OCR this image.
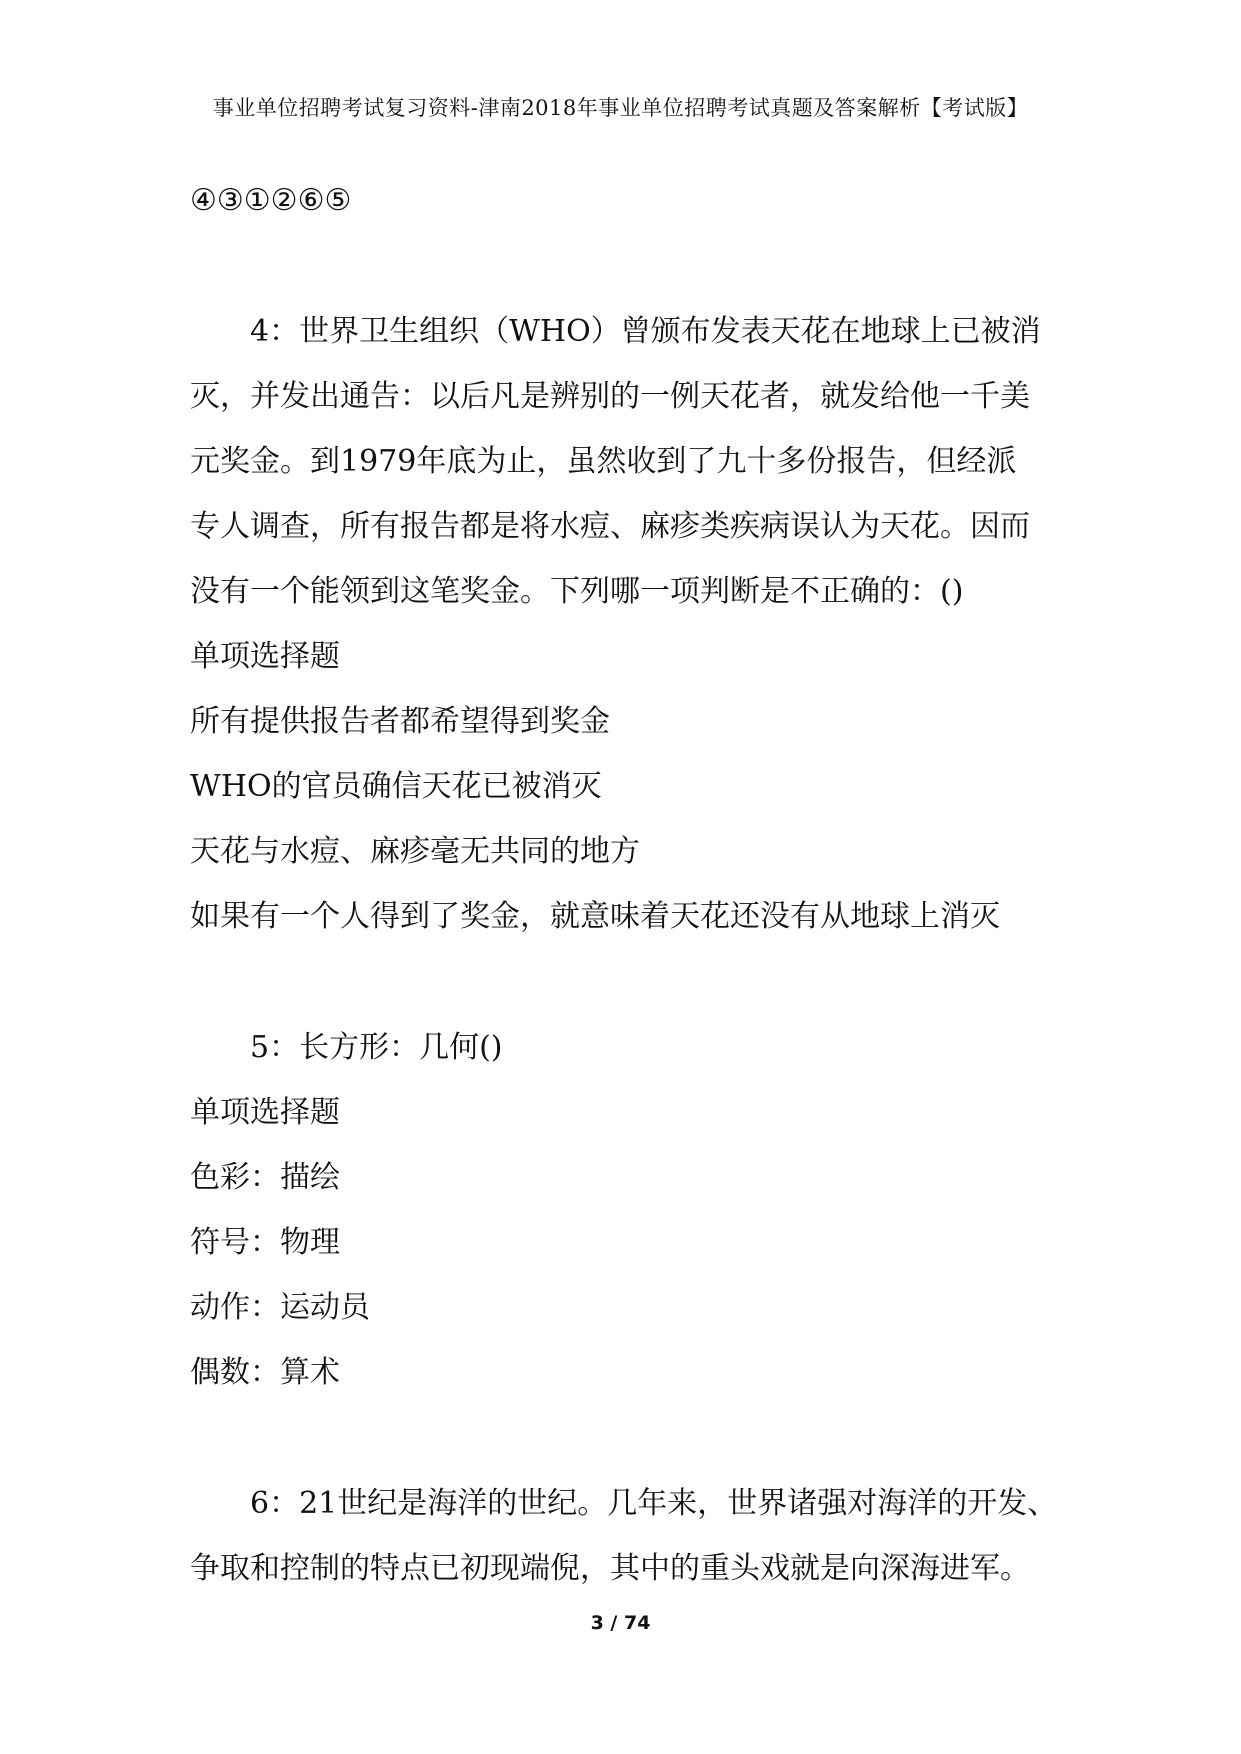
事业单位招聘考试复习资料-津南2018年事业单位招聘考试真题及答案解析【考试版】
④③①②⑥⑤
4：世界卫生组织（WHO）曾颁布发表天花在地球上已被消
灭，并发出通告：以后凡是辨别的一例天花者，就发给他一千美
元奖金。到1979年底为止，虽然收到了九十多份报告，但经派
专人调查，所有报告都是将水痘、麻疹类疾病误认为天花。因而
没有一个能领到这笔奖金。下列哪一项判断是不正确的：()
单项选择题
所有提供报告者都希望得到奖金
WHO的官员确信天花已被消灭
天花与水痘、麻疹毫无共同的地方
如果有一个人得到了奖金，就意味着天花还没有从地球上消灭
5：长方形：几何()
单项选择题
色彩：描绘
符号：物理
动作：运动员
偶数：算术
6：21世纪是海洋的世纪。几年来，世界诸强对海洋的开发、
争取和控制的特点已初现端倪，其中的重头戏就是向深海进军。
3 / 74
